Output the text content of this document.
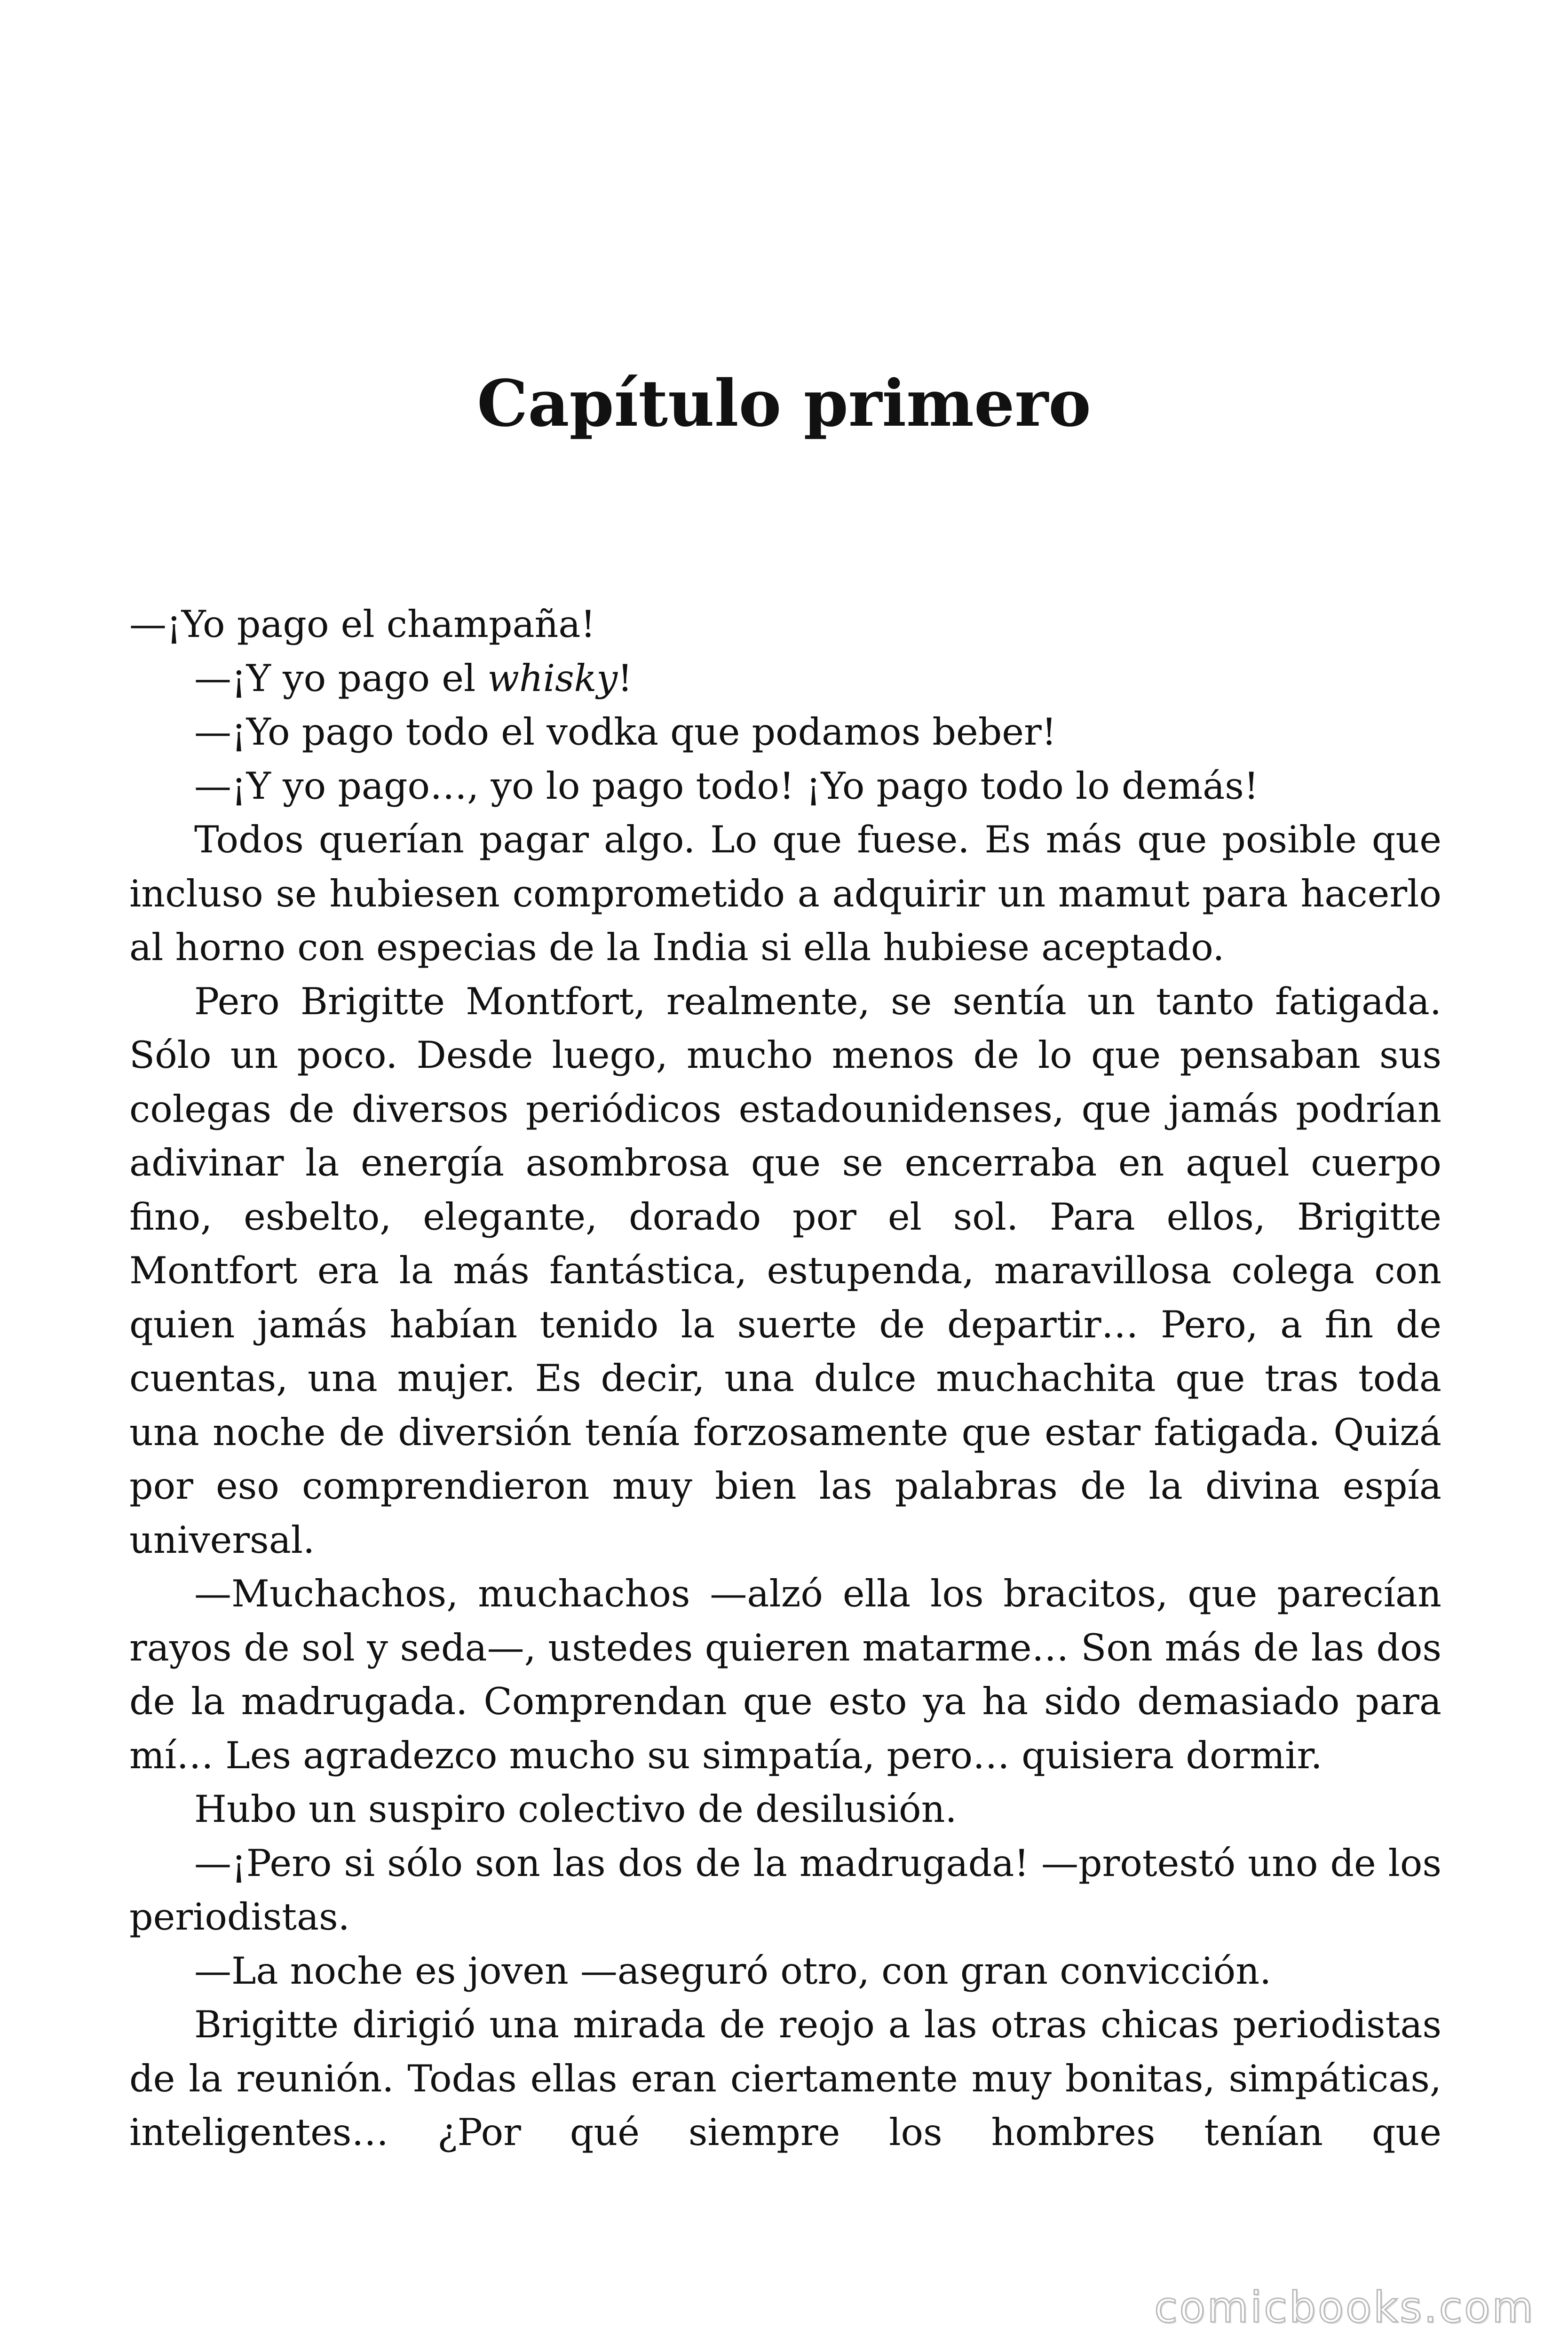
Capítulo primero

—¡Yo pago el champaña!

—¡Y yo pago el whisky!

—¡Yo pago todo el vodka que podamos beber!

—¡Y yo pago…, yo lo pago todo! ¡Yo pago todo lo demás!

Todos querían pagar algo. Lo que fuese. Es más que posible que incluso se hubiesen comprometido a adquirir un mamut para hacerlo al horno con especias de la India si ella hubiese aceptado.

Pero Brigitte Montfort, realmente, se sentía un tanto fatigada. Sólo un poco. Desde luego, mucho menos de lo que pensaban sus colegas de diversos periódicos estadounidenses, que jamás podrían adivinar la energía asombrosa que se encerraba en aquel cuerpo fino, esbelto, elegante, dorado por el sol. Para ellos, Brigitte Montfort era la más fantástica, estupenda, maravillosa colega con quien jamás habían tenido la suerte de departir… Pero, a fin de cuentas, una mujer. Es decir, una dulce muchachita que tras toda una noche de diversión tenía forzosamente que estar fatigada. Quizá por eso comprendieron muy bien las palabras de la divina espía universal.

—Muchachos, muchachos —alzó ella los bracitos, que parecían rayos de sol y seda—, ustedes quieren matarme… Son más de las dos de la madrugada. Comprendan que esto ya ha sido demasiado para mí… Les agradezco mucho su simpatía, pero… quisiera dormir.

Hubo un suspiro colectivo de desilusión.

—¡Pero si sólo son las dos de la madrugada! —protestó uno de los periodistas.

—La noche es joven —aseguró otro, con gran convicción.

Brigitte dirigió una mirada de reojo a las otras chicas periodistas de la reunión. Todas ellas eran ciertamente muy bonitas, simpáticas, inteligentes… ¿Por qué siempre los hombres tenían que

comicbooks.com
